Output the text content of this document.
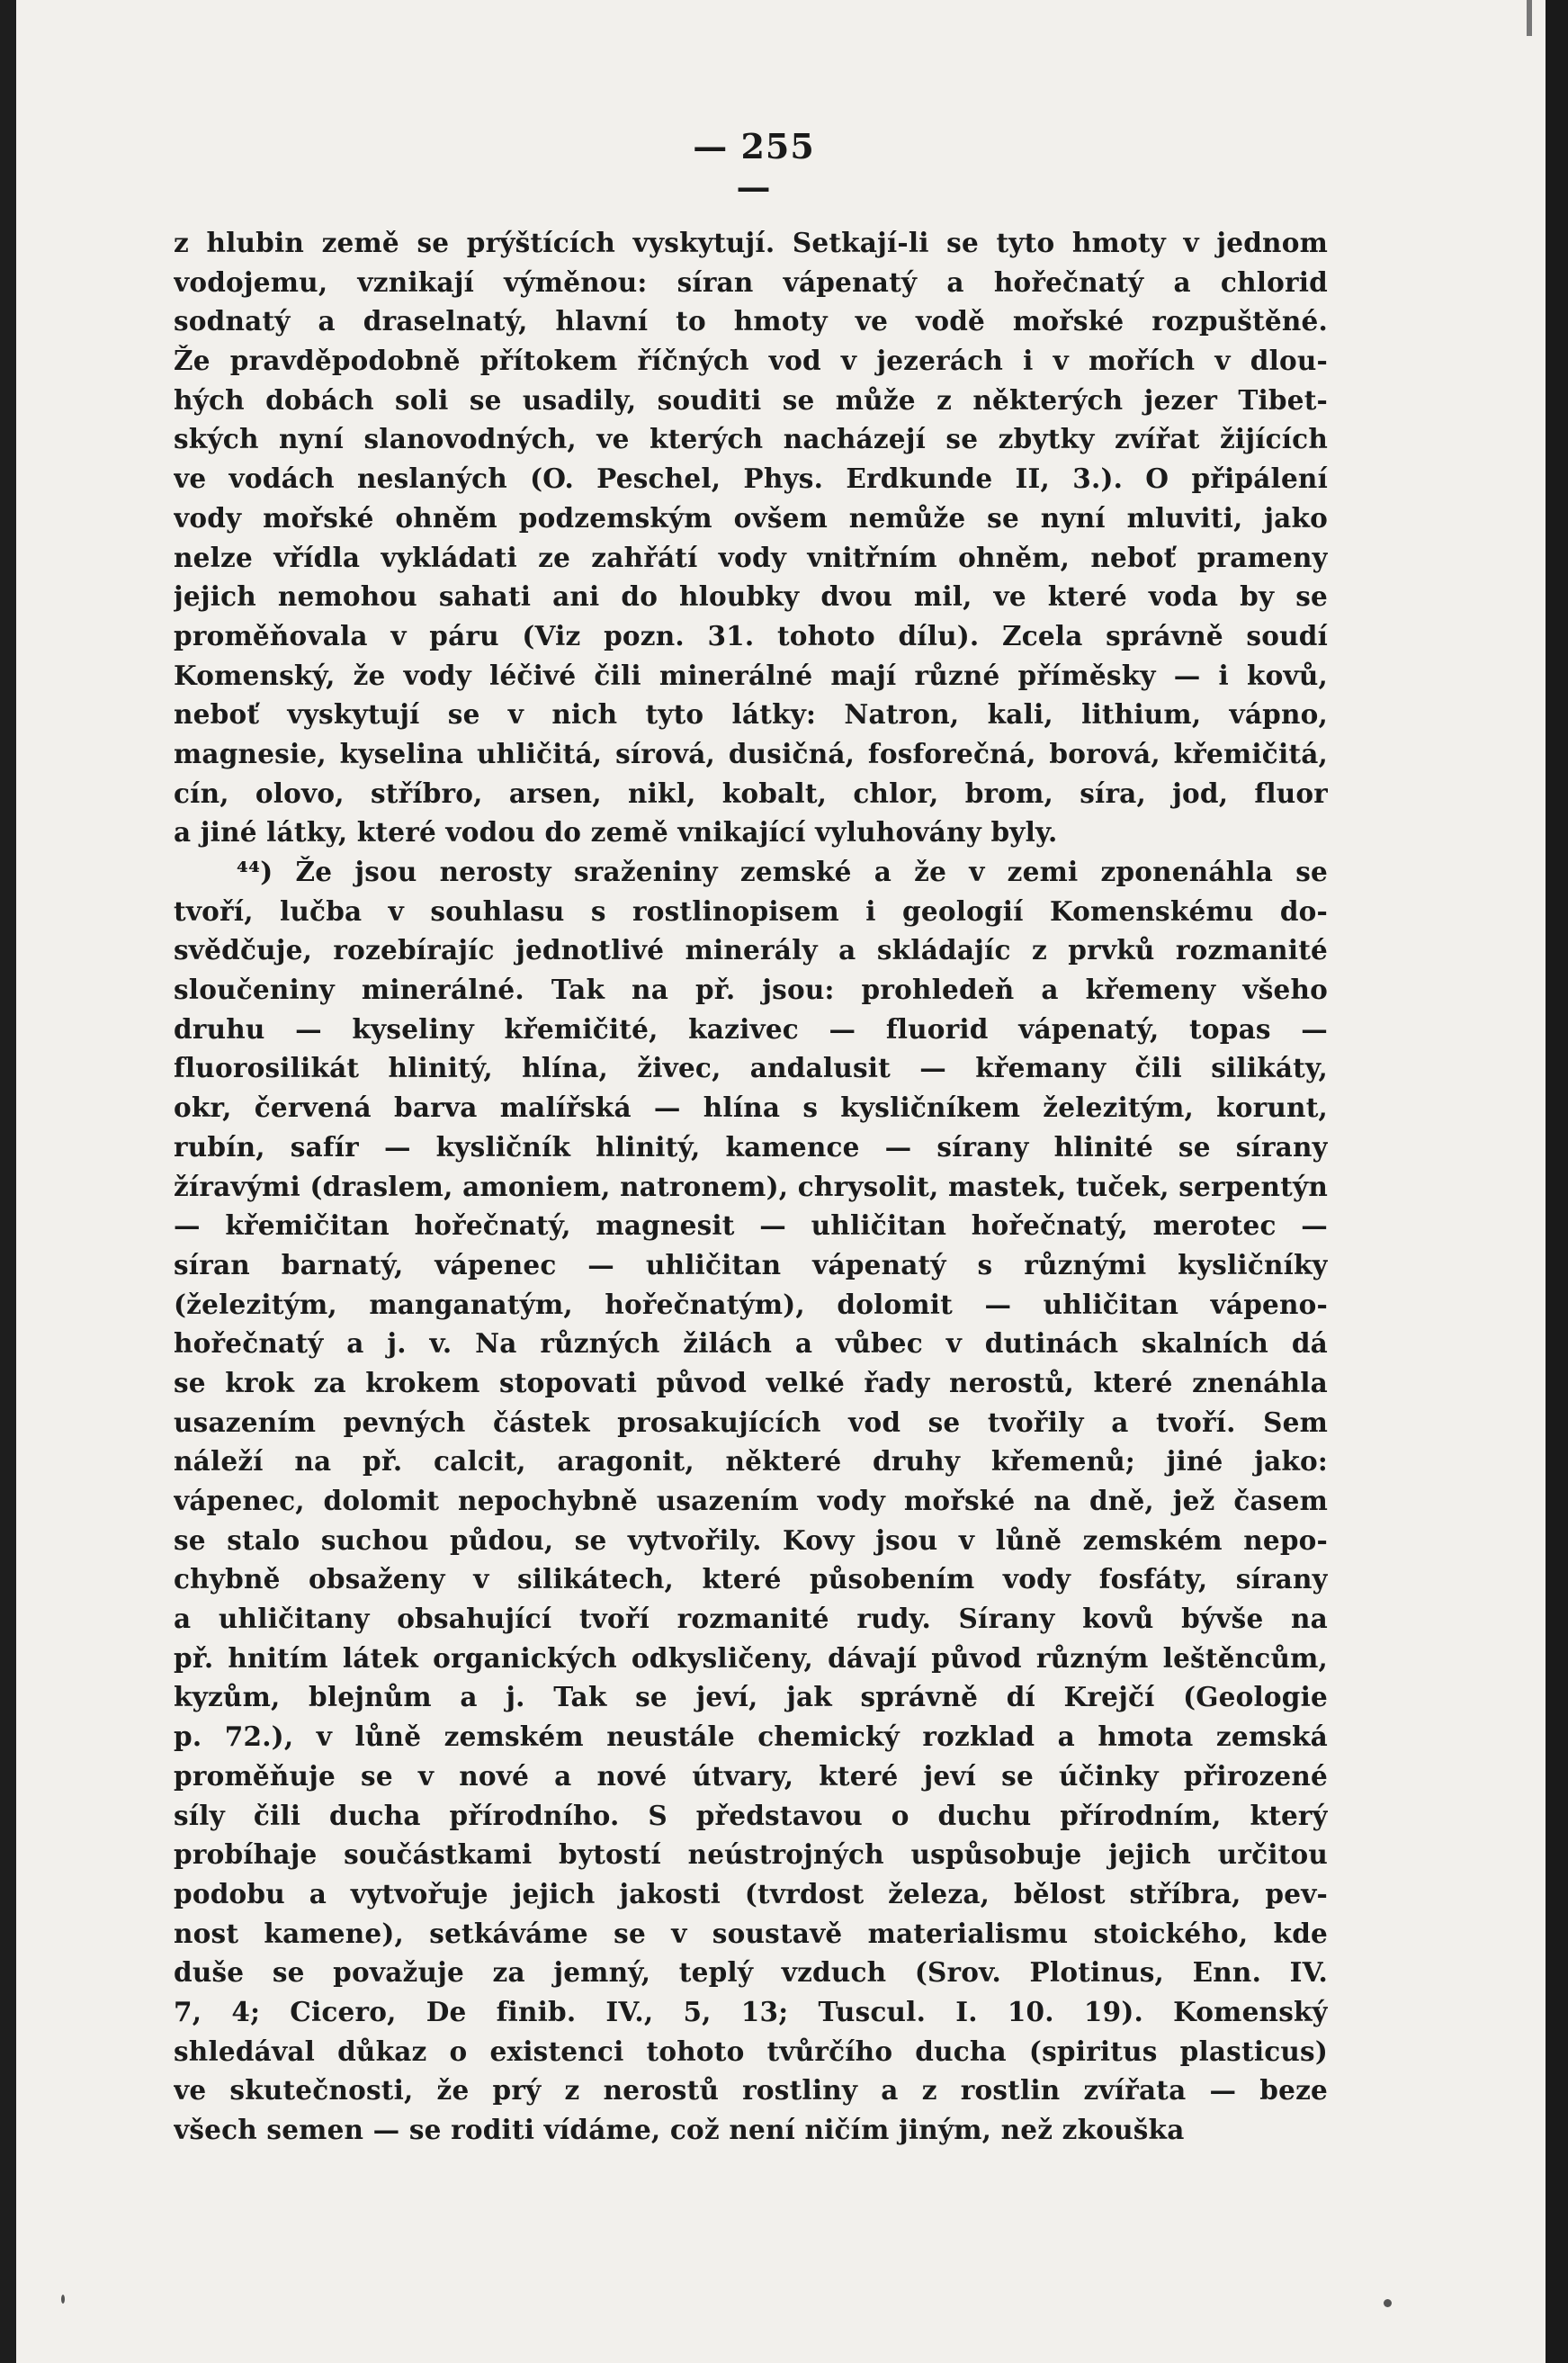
— 255 —
z hlubin země se prýštících vyskytují. Setkají-li se tyto hmoty v jednom
vodojemu, vznikají výměnou: síran vápenatý a hořečnatý a chlorid
sodnatý a draselnatý, hlavní to hmoty ve vodě mořské rozpuštěné.
Že pravděpodobně přítokem říčných vod v jezerách i v mořích v dlou-
hých dobách soli se usadily, souditi se může z některých jezer Tibet-
ských nyní slanovodných, ve kterých nacházejí se zbytky zvířat žijících
ve vodách neslaných (O. Peschel, Phys. Erdkunde II, 3.). O připálení
vody mořské ohněm podzemským ovšem nemůže se nyní mluviti, jako
nelze vřídla vykládati ze zahřátí vody vnitřním ohněm, neboť prameny
jejich nemohou sahati ani do hloubky dvou mil, ve které voda by se
proměňovala v páru (Viz pozn. 31. tohoto dílu). Zcela správně soudí
Komenský, že vody léčivé čili minerálné mají různé příměsky — i kovů,
neboť vyskytují se v nich tyto látky: Natron, kali, lithium, vápno,
magnesie, kyselina uhličitá, sírová, dusičná, fosforečná, borová, křemičitá,
cín, olovo, stříbro, arsen, nikl, kobalt, chlor, brom, síra, jod, fluor
a jiné látky, které vodou do země vnikající vyluhovány byly.
⁴⁴) Že jsou nerosty sraženiny zemské a že v zemi zponenáhla se
tvoří, lučba v souhlasu s rostlinopisem i geologií Komenskému do-
svědčuje, rozebírajíc jednotlivé minerály a skládajíc z prvků rozmanité
sloučeniny minerálné. Tak na př. jsou: prohledeň a křemeny všeho
druhu — kyseliny křemičité, kazivec — fluorid vápenatý, topas —
fluorosilikát hlinitý, hlína, živec, andalusit — křemany čili silikáty,
okr, červená barva malířská — hlína s kysličníkem železitým, korunt,
rubín, safír — kysličník hlinitý, kamence — sírany hlinité se sírany
žíravými (draslem, amoniem, natronem), chrysolit, mastek, tuček, serpentýn
— křemičitan hořečnatý, magnesit — uhličitan hořečnatý, merotec —
síran barnatý, vápenec — uhličitan vápenatý s různými kysličníky
(železitým, manganatým, hořečnatým), dolomit — uhličitan vápeno-
hořečnatý a j. v. Na různých žilách a vůbec v dutinách skalních dá
se krok za krokem stopovati původ velké řady nerostů, které znenáhla
usazením pevných částek prosakujících vod se tvořily a tvoří. Sem
náleží na př. calcit, aragonit, některé druhy křemenů; jiné jako:
vápenec, dolomit nepochybně usazením vody mořské na dně, jež časem
se stalo suchou půdou, se vytvořily. Kovy jsou v lůně zemském nepo-
chybně obsaženy v silikátech, které působením vody fosfáty, sírany
a uhličitany obsahující tvoří rozmanité rudy. Sírany kovů bývše na
př. hnitím látek organických odkysličeny, dávají původ různým leštěncům,
kyzům, blejnům a j. Tak se jeví, jak správně dí Krejčí (Geologie
p. 72.), v lůně zemském neustále chemický rozklad a hmota zemská
proměňuje se v nové a nové útvary, které jeví se účinky přirozené
síly čili ducha přírodního. S představou o duchu přírodním, který
probíhaje součástkami bytostí neústrojných uspůsobuje jejich určitou
podobu a vytvořuje jejich jakosti (tvrdost železa, bělost stříbra, pev-
nost kamene), setkáváme se v soustavě materialismu stoického, kde
duše se považuje za jemný, teplý vzduch (Srov. Plotinus, Enn. IV.
7, 4; Cicero, De finib. IV., 5, 13; Tuscul. I. 10. 19). Komenský
shledával důkaz o existenci tohoto tvůrčího ducha (spiritus plasticus)
ve skutečnosti, že prý z nerostů rostliny a z rostlin zvířata — beze
všech semen — se roditi vídáme, což není ničím jiným, než zkouška
